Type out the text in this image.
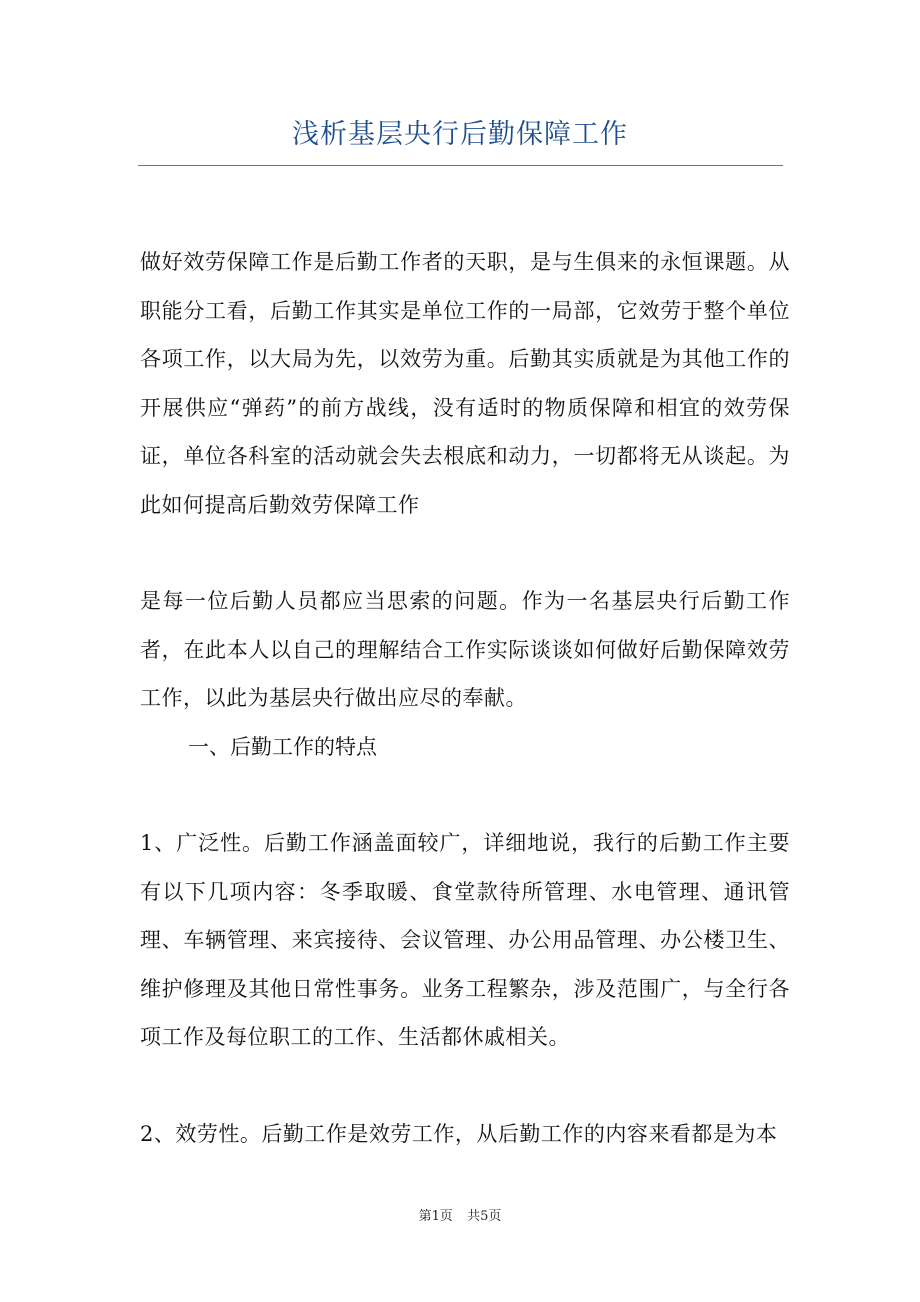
浅析基层央行后勤保障工作

做好效劳保障工作是后勤工作者的天职，是与生俱来的永恒课题。从职能分工看，后勤工作其实是单位工作的一局部，它效劳于整个单位各项工作，以大局为先，以效劳为重。后勤其实质就是为其他工作的开展供应“弹药”的前方战线，没有适时的物质保障和相宜的效劳保证，单位各科室的活动就会失去根底和动力，一切都将无从谈起。为此如何提高后勤效劳保障工作

是每一位后勤人员都应当思索的问题。作为一名基层央行后勤工作者，在此本人以自己的理解结合工作实际谈谈如何做好后勤保障效劳工作，以此为基层央行做出应尽的奉献。

一、后勤工作的特点

1、广泛性。后勤工作涵盖面较广，详细地说，我行的后勤工作主要有以下几项内容：冬季取暖、食堂款待所管理、水电管理、通讯管理、车辆管理、来宾接待、会议管理、办公用品管理、办公楼卫生、维护修理及其他日常性事务。业务工程繁杂，涉及范围广，与全行各项工作及每位职工的工作、生活都休戚相关。

2、效劳性。后勤工作是效劳工作，从后勤工作的内容来看都是为本

第1页 共5页
